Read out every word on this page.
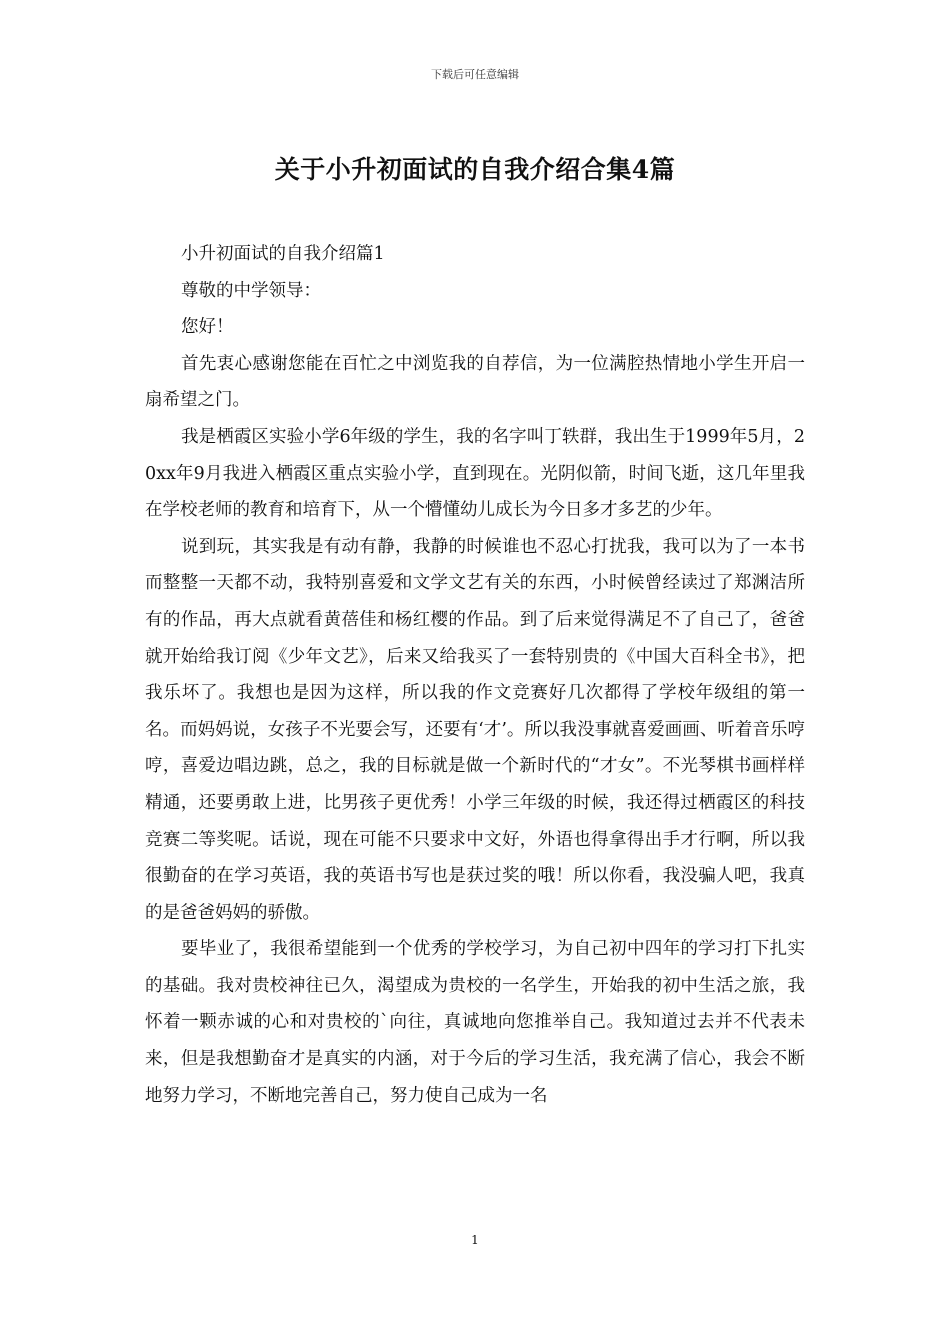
下载后可任意编辑
关于小升初面试的自我介绍合集4篇

小升初面试的自我介绍篇1

尊敬的中学领导：

您好！

首先衷心感谢您能在百忙之中浏览我的自荐信，为一位满腔热情地小学生开启一扇希望之门。

我是栖霞区实验小学6年级的学生，我的名字叫丁轶群，我出生于1999年5月，20xx年9月我进入栖霞区重点实验小学，直到现在。光阴似箭，时间飞逝，这几年里我在学校老师的教育和培育下，从一个懵懂幼儿成长为今日多才多艺的少年。

说到玩，其实我是有动有静，我静的时候谁也不忍心打扰我，我可以为了一本书而整整一天都不动，我特别喜爱和文学文艺有关的东西，小时候曾经读过了郑渊洁所有的作品，再大点就看黄蓓佳和杨红樱的作品。到了后来觉得满足不了自己了，爸爸就开始给我订阅《少年文艺》，后来又给我买了一套特别贵的《中国大百科全书》，把我乐坏了。我想也是因为这样，所以我的作文竞赛好几次都得了学校年级组的第一名。而妈妈说，女孩子不光要会写，还要有‘才’。所以我没事就喜爱画画、听着音乐哼哼，喜爱边唱边跳，总之，我的目标就是做一个新时代的“才女”。不光琴棋书画样样精通，还要勇敢上进，比男孩子更优秀！小学三年级的时候，我还得过栖霞区的科技竞赛二等奖呢。话说，现在可能不只要求中文好，外语也得拿得出手才行啊，所以我很勤奋的在学习英语，我的英语书写也是获过奖的哦！所以你看，我没骗人吧，我真的是爸爸妈妈的骄傲。

要毕业了，我很希望能到一个优秀的学校学习，为自己初中四年的学习打下扎实的基础。我对贵校神往已久，渴望成为贵校的一名学生，开始我的初中生活之旅，我怀着一颗赤诚的心和对贵校的`向往，真诚地向您推举自己。我知道过去并不代表未来，但是我想勤奋才是真实的内涵，对于今后的学习生活，我充满了信心，我会不断地努力学习，不断地完善自己，努力使自己成为一名

1
